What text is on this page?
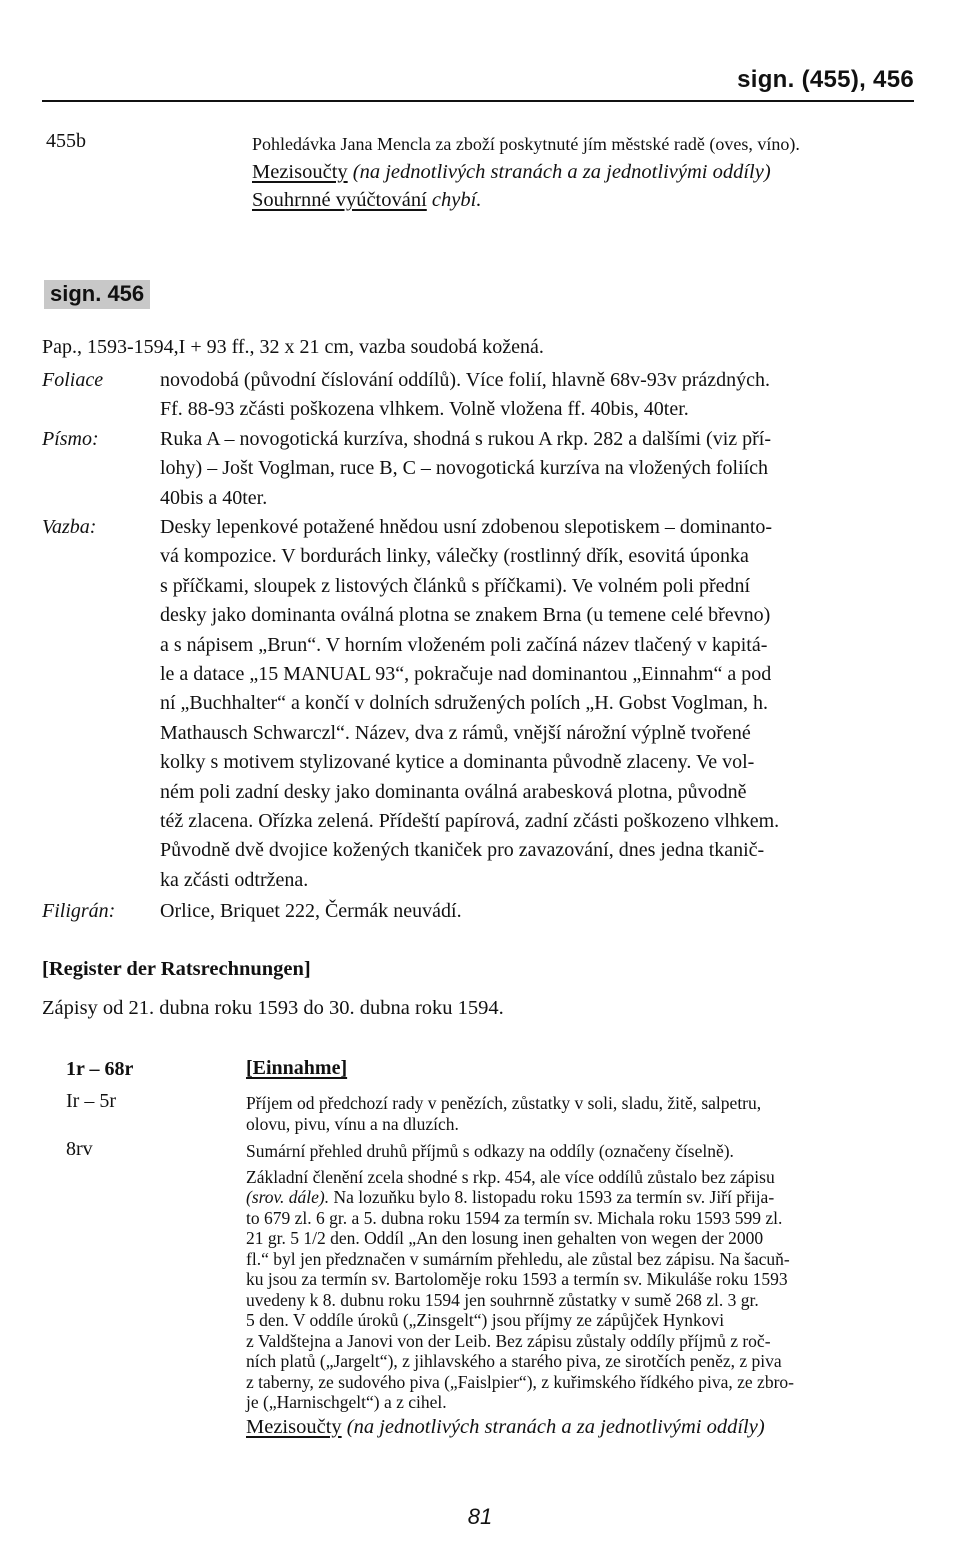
sign. (455), 456
455b	Pohledávka Jana Mencla za zboží poskytnuté jím městské radě (oves, víno).
Mezisoučty (na jednotlivých stranách a za jednotlivými oddíly)
Souhrnné vyúčtování chybí.
sign. 456
Pap., 1593-1594,I + 93 ff., 32 x 21 cm, vazba soudobá kožená.
Foliace	novodobá (původní číslování oddílů). Více folií, hlavně 68v-93v prázdných.
Ff. 88-93 zčásti poškozena vlhkem. Volně vložena ff. 40bis, 40ter.
Písmo:	Ruka A – novogotická kurzíva, shodná s rukou A rkp. 282 a dalšími (viz pří-
lohy) – Jošt Voglman, ruce B, C – novogotická kurzíva na vložených foliích
40bis a 40ter.
Vazba:	Desky lepenkové potažené hnědou usní zdobenou slepotiskem – dominanto-
vá kompozice. V bordurách linky, válečky (rostlinný dřík, esovitá úponka
s příčkami, sloupek z listových článků s příčkami). Ve volném poli přední
desky jako dominanta oválná plotna se znakem Brna (u temene celé břevno)
a s nápisem „Brun“. V horním vloženém poli začíná název tlačený v kapitá-
le a datace „15 MANUAL 93“, pokračuje nad dominantou „Einnahm“ a pod
ní „Buchhalter“ a končí v dolních sdružených polích „H. Gobst Voglman, h.
Mathausch Schwarczl“. Název, dva z rámů, vnější nárožní výplně tvořené
kolky s motivem stylizované kytice a dominanta původně zlaceny. Ve vol-
ném poli zadní desky jako dominanta oválná arabesková plotna, původně
též zlacena. Ořízka zelená. Přídeští papírová, zadní zčásti poškozeno vlhkem.
Původně dvě dvojice kožených tkaniček pro zavazování, dnes jedna tkanič-
ka zčásti odtržena.
Filigrán: Orlice, Briquet 222, Čermák neuvádí.
[Register der Ratsrechnungen]
Zápisy od 21. dubna roku 1593 do 30. dubna roku 1594.
1r – 68r	[Einnahme]
Ir – 5r	Příjem od předchozí rady v penězích, zůstatky v soli, sladu, žitě, salpetru,
olovu, pivu, vínu a na dluzích.
8rv	Sumární přehled druhů příjmů s odkazy na oddíly (označeny číselně).
Základní členění zcela shodné s rkp. 454, ale více oddílů zůstalo bez zápisu
(srov. dále). Na lozuňku bylo 8. listopadu roku 1593 za termín sv. Jiří přija-
to 679 zl. 6 gr. a 5. dubna roku 1594 za termín sv. Michala roku 1593 599 zl.
21 gr. 5 1/2 den. Oddíl „An den losung inen gehalten von wegen der 2000
fl.“ byl jen předznačen v sumárním přehledu, ale zůstal bez zápisu. Na šacuň-
ku jsou za termín sv. Bartoloměje roku 1593 a termín sv. Mikuláše roku 1593
uvedeny k 8. dubnu roku 1594 jen souhrnně zůstatky v sumě 268 zl. 3 gr.
5 den. V oddíle úroků („Zinsgelt“) jsou příjmy ze zápůjček Hynkovi
z Valdštejna a Janovi von der Leib. Bez zápisu zůstaly oddíly příjmů z roč-
ních platů („Jargelt“), z jihlavského a starého piva, ze sirotčích peněz, z piva
z taberny, ze sudového piva („Faislpier“), z kuřimského řídkého piva, ze zbro-
je („Harnischgelt“) a z cihel.
Mezisoučty (na jednotlivých stranách a za jednotlivými oddíly)
81
